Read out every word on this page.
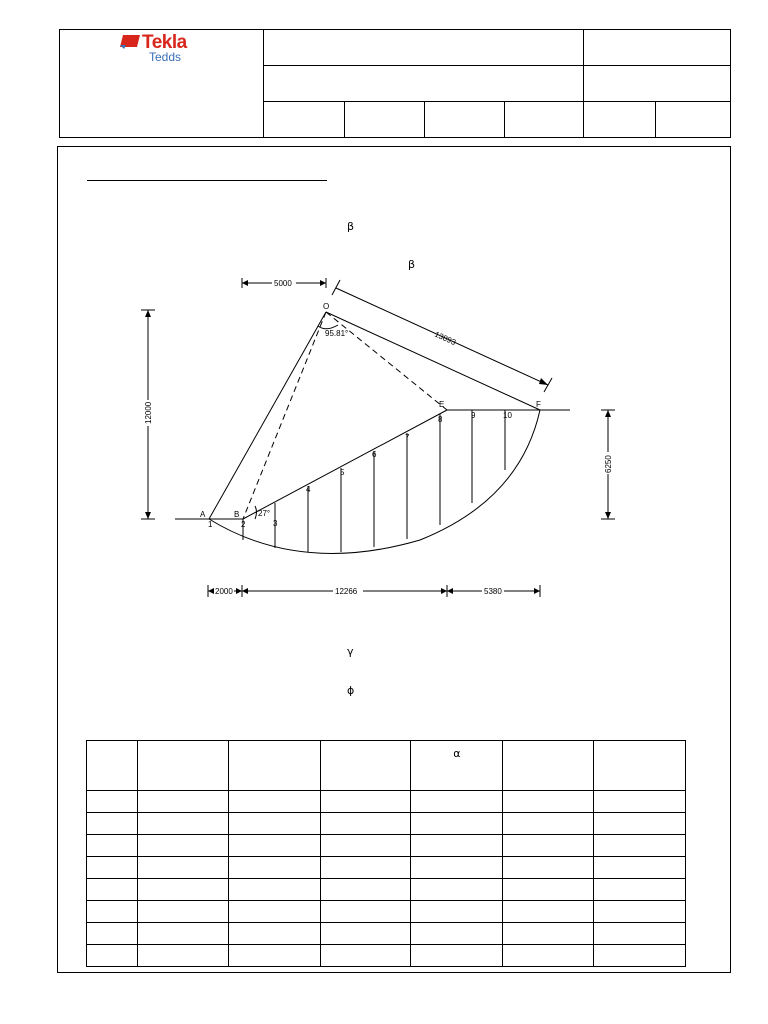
Tekla
Tedds
β
β
γ
ϕ
O
A	B
E	F
95.81°
27°
1	2	3
4
5
6
7
8	9	10
5000
13893
12000
6250
2000	12266	5380
				α		
